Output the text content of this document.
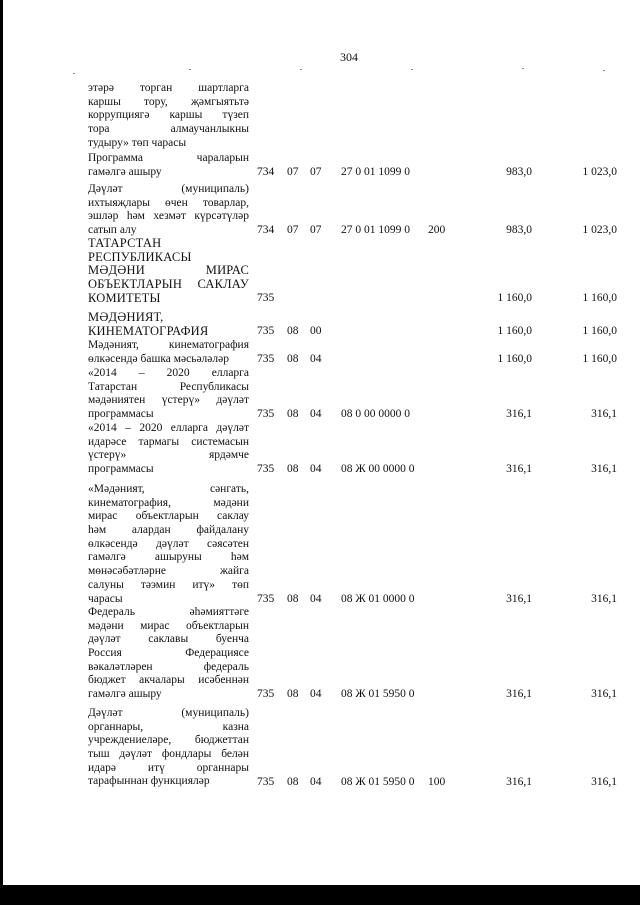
304
этәрә торган шартларга
каршы тору, җәмгыятьтә
коррупциягә каршы түзеп
тора алмаучанлыкны
тудыру» төп чарасы
Программа чараларын
гамәлгә ашыру	734 07 07 27 0 01 1099 0	983,0	1 023,0
Дәүләт (муниципаль)
ихтыяҗлары өчен товарлар,
эшләр һәм хезмәт күрсәтүләр
сатып алу	734 07 07 27 0 01 1099 0 200	983,0	1 023,0
ТАТАРСТАН
РЕСПУБЛИКАСЫ
МӘДӘНИ МИРАС
ОБЪЕКТЛАРЫН САКЛАУ
КОМИТЕТЫ	735	1 160,0	1 160,0
МӘДӘНИЯТ,
КИНЕМАТОГРАФИЯ	735 08 00	1 160,0	1 160,0
Мәдәният, кинематография
өлкәсендә башка мәсьәләләр	735 08 04	1 160,0	1 160,0
«2014 – 2020 елларга
Татарстан Республикасы
мәдәниятен үстерү» дәүләт
программасы	735 08 04 08 0 00 0000 0	316,1	316,1
«2014 – 2020 елларга дәүләт
идарәсе тармагы системасын
үстерү» ярдәмче
программасы	735 08 04 08 Ж 00 0000 0	316,1	316,1
«Мәдәният, сәнгать,
кинематография, мәдәни
мирас объектларын саклау
һәм алардан файдалану
өлкәсендә дәүләт сәясәтен
гамәлгә ашыруны һәм
мөнәсәбәтләрне жайга
салуны тәэмин итү» төп
чарасы	735 08 04 08 Ж 01 0000 0	316,1	316,1
Федераль әһәмияттәге
мәдәни мирас объектларын
дәүләт саклавы буенча
Россия Федерациясе
вәкаләтләрен федераль
бюджет акчалары исәбеннән
гамәлгә ашыру	735 08 04 08 Ж 01 5950 0	316,1	316,1
Дәүләт (муниципаль)
органнары, казна
учреждениеләре, бюджеттан
тыш дәүләт фондлары белән
идарә итү органнары
тарафыннан функцияләр	735 08 04 08 Ж 01 5950 0 100	316,1	316,1
